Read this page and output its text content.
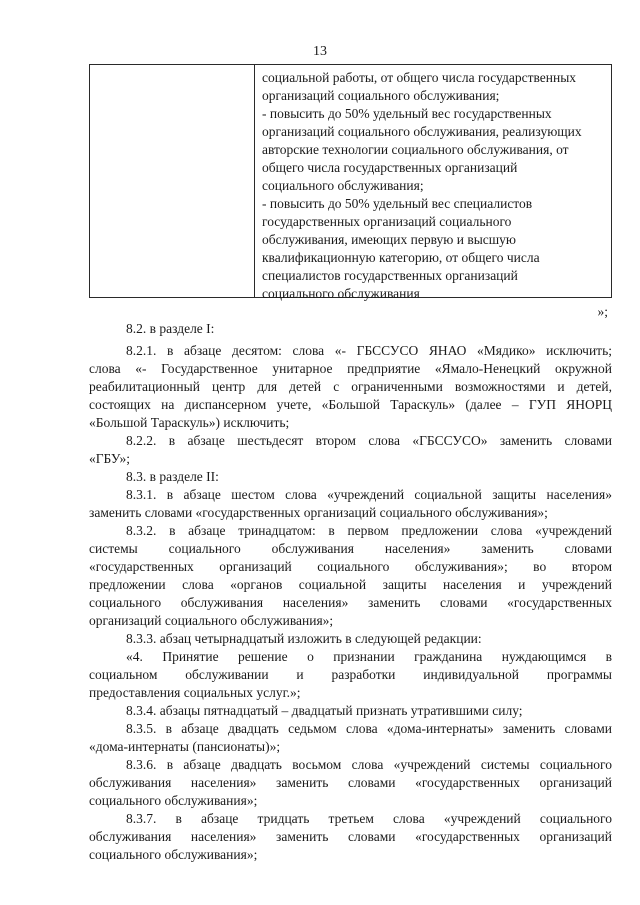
13
социальной работы, от общего числа государственных
организаций социального обслуживания;
- повысить до 50% удельный вес государственных
организаций социального обслуживания, реализующих
авторские технологии социального обслуживания, от
общего числа государственных организаций
социального обслуживания;
- повысить до 50% удельный вес специалистов
государственных организаций социального
обслуживания, имеющих первую и высшую
квалификационную категорию, от общего числа
специалистов государственных организаций
социального обслуживания
»;
8.2. в разделе I:
8.2.1. в абзаце десятом: слова «- ГБССУСО ЯНАО «Мядико» исключить;
слова «- Государственное унитарное предприятие «Ямало-Ненецкий окружной
реабилитационный центр для детей с ограниченными возможностями и детей,
состоящих на диспансерном учете, «Большой Тараскуль» (далее – ГУП ЯНОРЦ
«Большой Тараскуль») исключить;
8.2.2. в абзаце шестьдесят втором слова «ГБССУСО» заменить словами
«ГБУ»;
8.3. в разделе II:
8.3.1. в абзаце шестом слова «учреждений социальной защиты населения»
заменить словами «государственных организаций социального обслуживания»;
8.3.2. в абзаце тринадцатом: в первом предложении слова «учреждений
системы социального обслуживания населения» заменить словами
«государственных организаций социального обслуживания»; во втором
предложении слова «органов социальной защиты населения и учреждений
социального обслуживания населения» заменить словами «государственных
организаций социального обслуживания»;
8.3.3. абзац четырнадцатый изложить в следующей редакции:
«4. Принятие решение о признании гражданина нуждающимся в
социальном обслуживании и разработки индивидуальной программы
предоставления социальных услуг.»;
8.3.4. абзацы пятнадцатый – двадцатый признать утратившими силу;
8.3.5. в абзаце двадцать седьмом слова «дома-интернаты» заменить словами
«дома-интернаты (пансионаты)»;
8.3.6. в абзаце двадцать восьмом слова «учреждений системы социального
обслуживания населения» заменить словами «государственных организаций
социального обслуживания»;
8.3.7. в абзаце тридцать третьем слова «учреждений социального
обслуживания населения» заменить словами «государственных организаций
социального обслуживания»;
